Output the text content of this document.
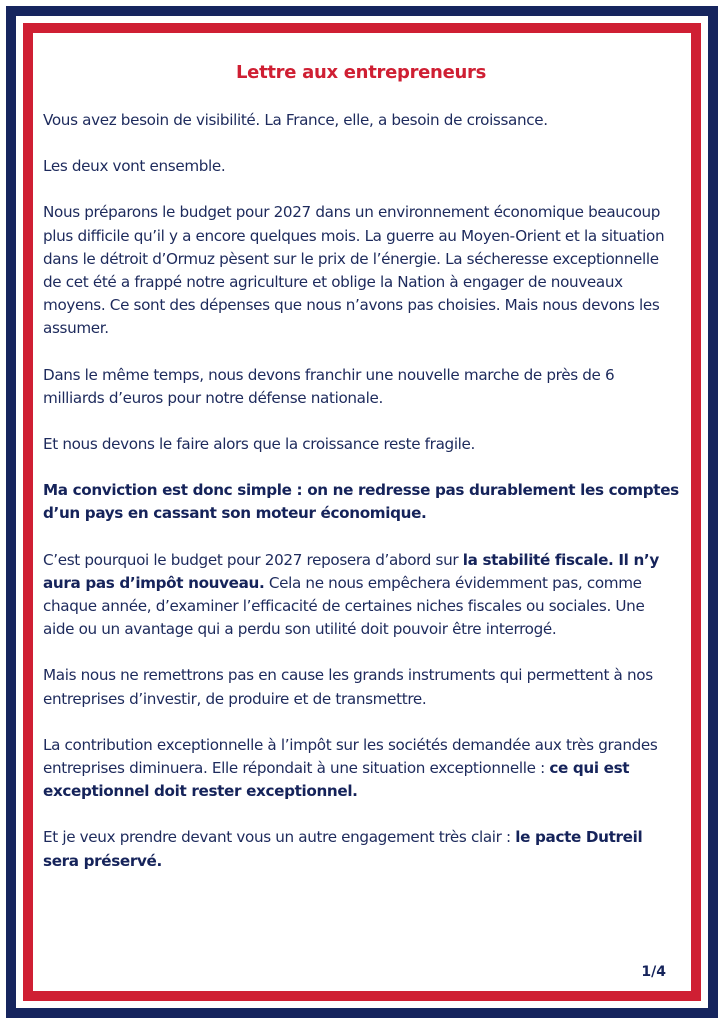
Lettre aux entrepreneurs

Vous avez besoin de visibilité. La France, elle, a besoin de croissance.

Les deux vont ensemble.

Nous préparons le budget pour 2027 dans un environnement économique beaucoup plus difficile qu’il y a encore quelques mois. La guerre au Moyen-Orient et la situation dans le détroit d’Ormuz pèsent sur le prix de l’énergie. La sécheresse exceptionnelle de cet été a frappé notre agriculture et oblige la Nation à engager de nouveaux moyens. Ce sont des dépenses que nous n’avons pas choisies. Mais nous devons les assumer.

Dans le même temps, nous devons franchir une nouvelle marche de près de 6 milliards d’euros pour notre défense nationale.

Et nous devons le faire alors que la croissance reste fragile.

Ma conviction est donc simple : on ne redresse pas durablement les comptes d’un pays en cassant son moteur économique.

C’est pourquoi le budget pour 2027 reposera d’abord sur la stabilité fiscale. Il n’y aura pas d’impôt nouveau. Cela ne nous empêchera évidemment pas, comme chaque année, d’examiner l’efficacité de certaines niches fiscales ou sociales. Une aide ou un avantage qui a perdu son utilité doit pouvoir être interrogé.

Mais nous ne remettrons pas en cause les grands instruments qui permettent à nos entreprises d’investir, de produire et de transmettre.

La contribution exceptionnelle à l’impôt sur les sociétés demandée aux très grandes entreprises diminuera. Elle répondait à une situation exceptionnelle : ce qui est exceptionnel doit rester exceptionnel.

Et je veux prendre devant vous un autre engagement très clair : le pacte Dutreil sera préservé.

1/4
